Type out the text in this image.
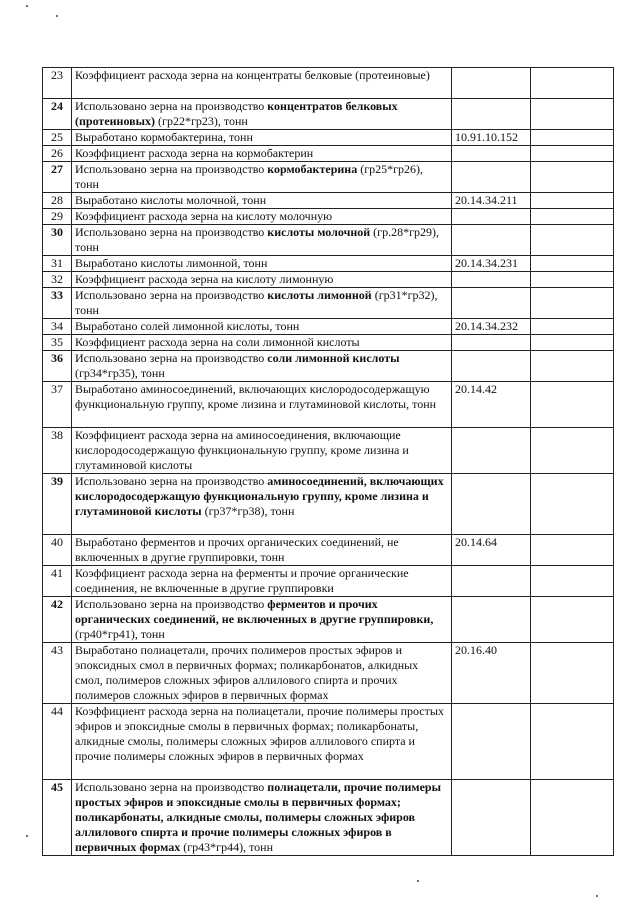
23	Коэффициент расхода зерна на концентраты белковые (протеиновые)		
24	Использовано зерна на производство концентратов белковых (протеиновых) (гр22*гр23), тонн		
25	Выработано кормобактерина, тонн	10.91.10.152	
26	Коэффициент расхода зерна на кормобактерин		
27	Использовано зерна на производство кормобактерина (гр25*гр26), тонн		
28	Выработано кислоты молочной, тонн	20.14.34.211	
29	Коэффициент расхода зерна на кислоту молочную		
30	Использовано зерна на производство кислоты молочной (гр.28*гр29), тонн		
31	Выработано кислоты лимонной, тонн	20.14.34.231	
32	Коэффициент расхода зерна на кислоту лимонную		
33	Использовано зерна на производство кислоты лимонной (гр31*гр32), тонн		
34	Выработано солей лимонной кислоты, тонн	20.14.34.232	
35	Коэффициент расхода зерна на соли лимонной кислоты		
36	Использовано зерна на производство соли лимонной кислоты (гр34*гр35), тонн		
37	Выработано аминосоединений, включающих кислородосодержащую функциональную группу, кроме лизина и глутаминовой кислоты, тонн	20.14.42	
38	Коэффициент расхода зерна на аминосоединения, включающие кислородосодержащую функциональную группу, кроме лизина и глутаминовой кислоты		
39	Использовано зерна на производство аминосоединений, включающих кислородосодержащую функциональную группу, кроме лизина и глутаминовой кислоты (гр37*гр38), тонн		
40	Выработано ферментов и прочих органических соединений, не включенных в другие группировки, тонн	20.14.64	
41	Коэффициент расхода зерна на ферменты и прочие органические соединения, не включенные в другие группировки		
42	Использовано зерна на производство ферментов и прочих органических соединений, не включенных в другие группировки, (гр40*гр41), тонн		
43	Выработано полиацетали, прочих полимеров простых эфиров и эпоксидных смол в первичных формах; поликарбонатов, алкидных смол, полимеров сложных эфиров аллилового спирта и прочих полимеров сложных эфиров в первичных формах	20.16.40	
44	Коэффициент расхода зерна на полиацетали, прочие полимеры простых эфиров и эпоксидные смолы в первичных формах; поликарбонаты, алкидные смолы, полимеры сложных эфиров аллилового спирта и прочие полимеры сложных эфиров в первичных формах		
45	Использовано зерна на производство полиацетали, прочие полимеры простых эфиров и эпоксидные смолы в первичных формах; поликарбонаты, алкидные смолы, полимеры сложных эфиров аллилового спирта и прочие полимеры сложных эфиров в первичных формах (гр43*гр44), тонн		
